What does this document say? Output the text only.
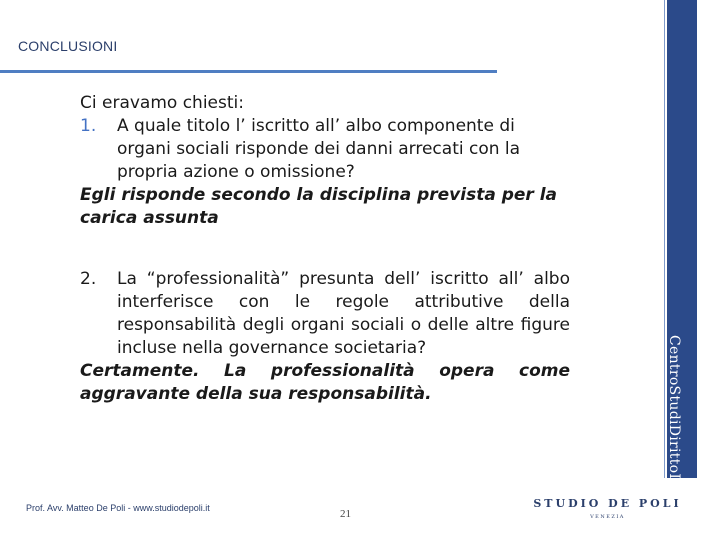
CONCLUSIONI
CentroStudiDirittoImpresa

Ci eravamo chiesti:

1. A quale titolo l’ iscritto all’ albo componente di organi sociali risponde dei danni arrecati con la propria azione o omissione?

Egli risponde secondo la disciplina prevista per la carica assunta

2. La “professionalità” presunta dell’ iscritto all’ albo interferisce con le regole attributive della responsabilità degli organi sociali o delle altre figure incluse nella governance societaria?

Certamente. La professionalità opera come aggravante della sua responsabilità.

Prof. Avv. Matteo De Poli - www.studiodepoli.it	21
STUDIO DE POLI
VENEZIA
